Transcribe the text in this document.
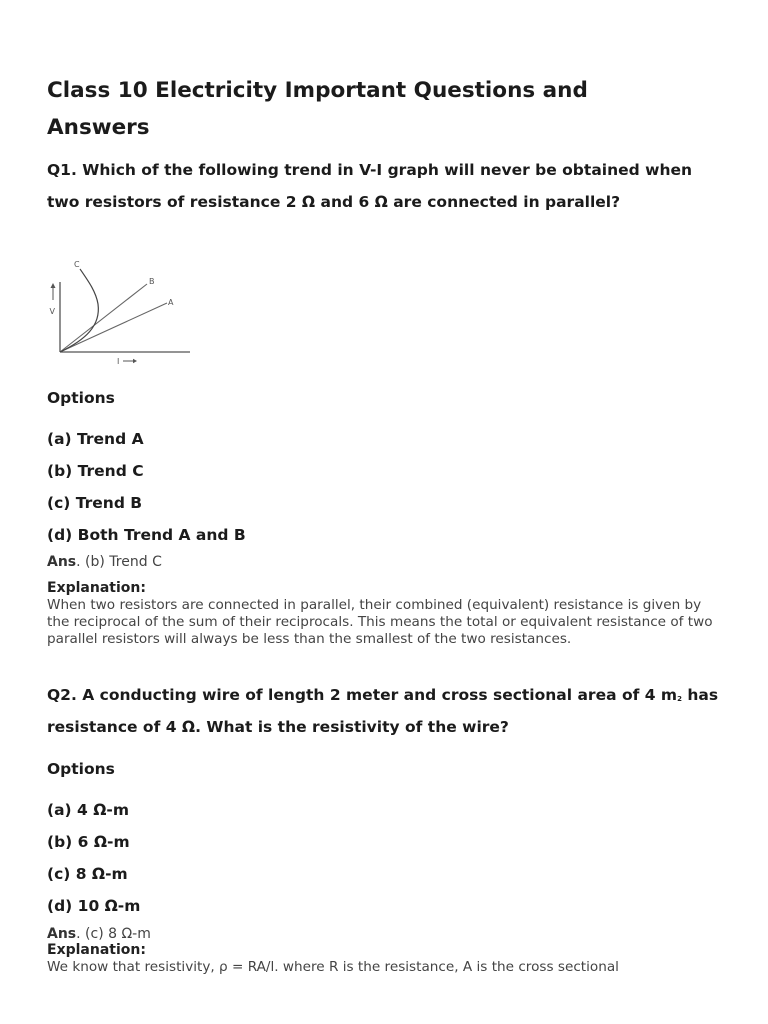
Class 10 Electricity Important Questions and Answers

Q1. Which of the following trend in V-I graph will never be obtained when two resistors of resistance 2 Ω and 6 Ω are connected in parallel?

V
I
A
B
C
Options
(a) Trend A
(b) Trend C
(c) Trend B
(d) Both Trend A and B
Ans. (b) Trend C
Explanation:
When two resistors are connected in parallel, their combined (equivalent) resistance is given by the reciprocal of the sum of their reciprocals. This means the total or equivalent resistance of two parallel resistors will always be less than the smallest of the two resistances.

Q2. A conducting wire of length 2 meter and cross sectional area of 4 $m^2$ has resistance of 4 Ω. What is the resistivity of the wire?

Options
(a) 4 Ω-m
(b) 6 Ω-m
(c) 8 Ω-m
(d) 10 Ω-m
Ans. (c) 8 Ω-m
Explanation:
We know that resistivity, ρ = RA/l. where R is the resistance, A is the cross sectional
